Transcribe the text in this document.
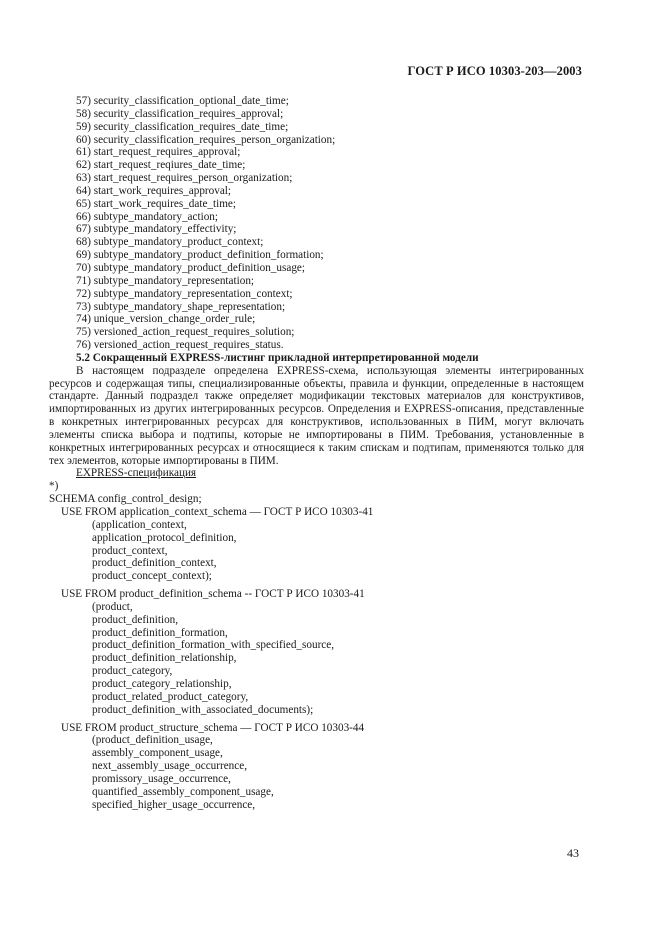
ГОСТ Р ИСО 10303-203—2003
57) security_classification_optional_date_time;
58) security_classification_requires_approval;
59) security_classification_requires_date_time;
60) security_classification_requires_person_organization;
61) start_request_requires_approval;
62) start_request_reqiures_date_time;
63) start_request_requires_person_organization;
64) start_work_requires_approval;
65) start_work_requires_date_time;
66) subtype_mandatory_action;
67) subtype_mandatory_effectivity;
68) subtype_mandatory_product_context;
69) subtype_mandatory_product_definition_formation;
70) subtype_mandatory_product_definition_usage;
71) subtype_mandatory_representation;
72) subtype_mandatory_representation_context;
73) subtype_mandatory_shape_representation;
74) unique_version_change_order_rule;
75) versioned_action_request_requires_solution;
76) versioned_action_request_requires_status.
5.2 Сокращенный EXPRESS-листинг прикладной интерпретированной модели
В настоящем подразделе определена EXPRESS-схема, использующая элементы интегрированных ресурсов и содержащая типы, специализированные объекты, правила и функции, определенные в настоящем стандарте. Данный подраздел также определяет модификации текстовых материалов для конструктивов, импортированных из других интегрированных ресурсов. Определения и EXPRESS-описания, представленные в конкретных интегрированных ресурсах для конструктивов, использованных в ПИМ, могут включать элементы списка выбора и подтипы, которые не импортированы в ПИМ. Требования, установленные в конкретных интегрированных ресурсах и относящиеся к таким спискам и подтипам, применяются только для тех элементов, которые импортированы в ПИМ.
EXPRESS-спецификация
*)
SCHEMA config_control_design;
USE FROM application_context_schema — ГОСТ Р ИСО 10303-41
(application_context,
application_protocol_definition,
product_context,
product_definition_context,
product_concept_context);
USE FROM product_definition_schema -- ГОСТ Р ИСО 10303-41
(product,
product_definition,
product_definition_formation,
product_definition_formation_with_specified_source,
product_definition_relationship,
product_category,
product_category_relationship,
product_related_product_category,
product_definition_with_associated_documents);
USE FROM product_structure_schema — ГОСТ Р ИСО 10303-44
(product_definition_usage,
assembly_component_usage,
next_assembly_usage_occurrence,
promissory_usage_occurrence,
quantified_assembly_component_usage,
specified_higher_usage_occurrence,
43
